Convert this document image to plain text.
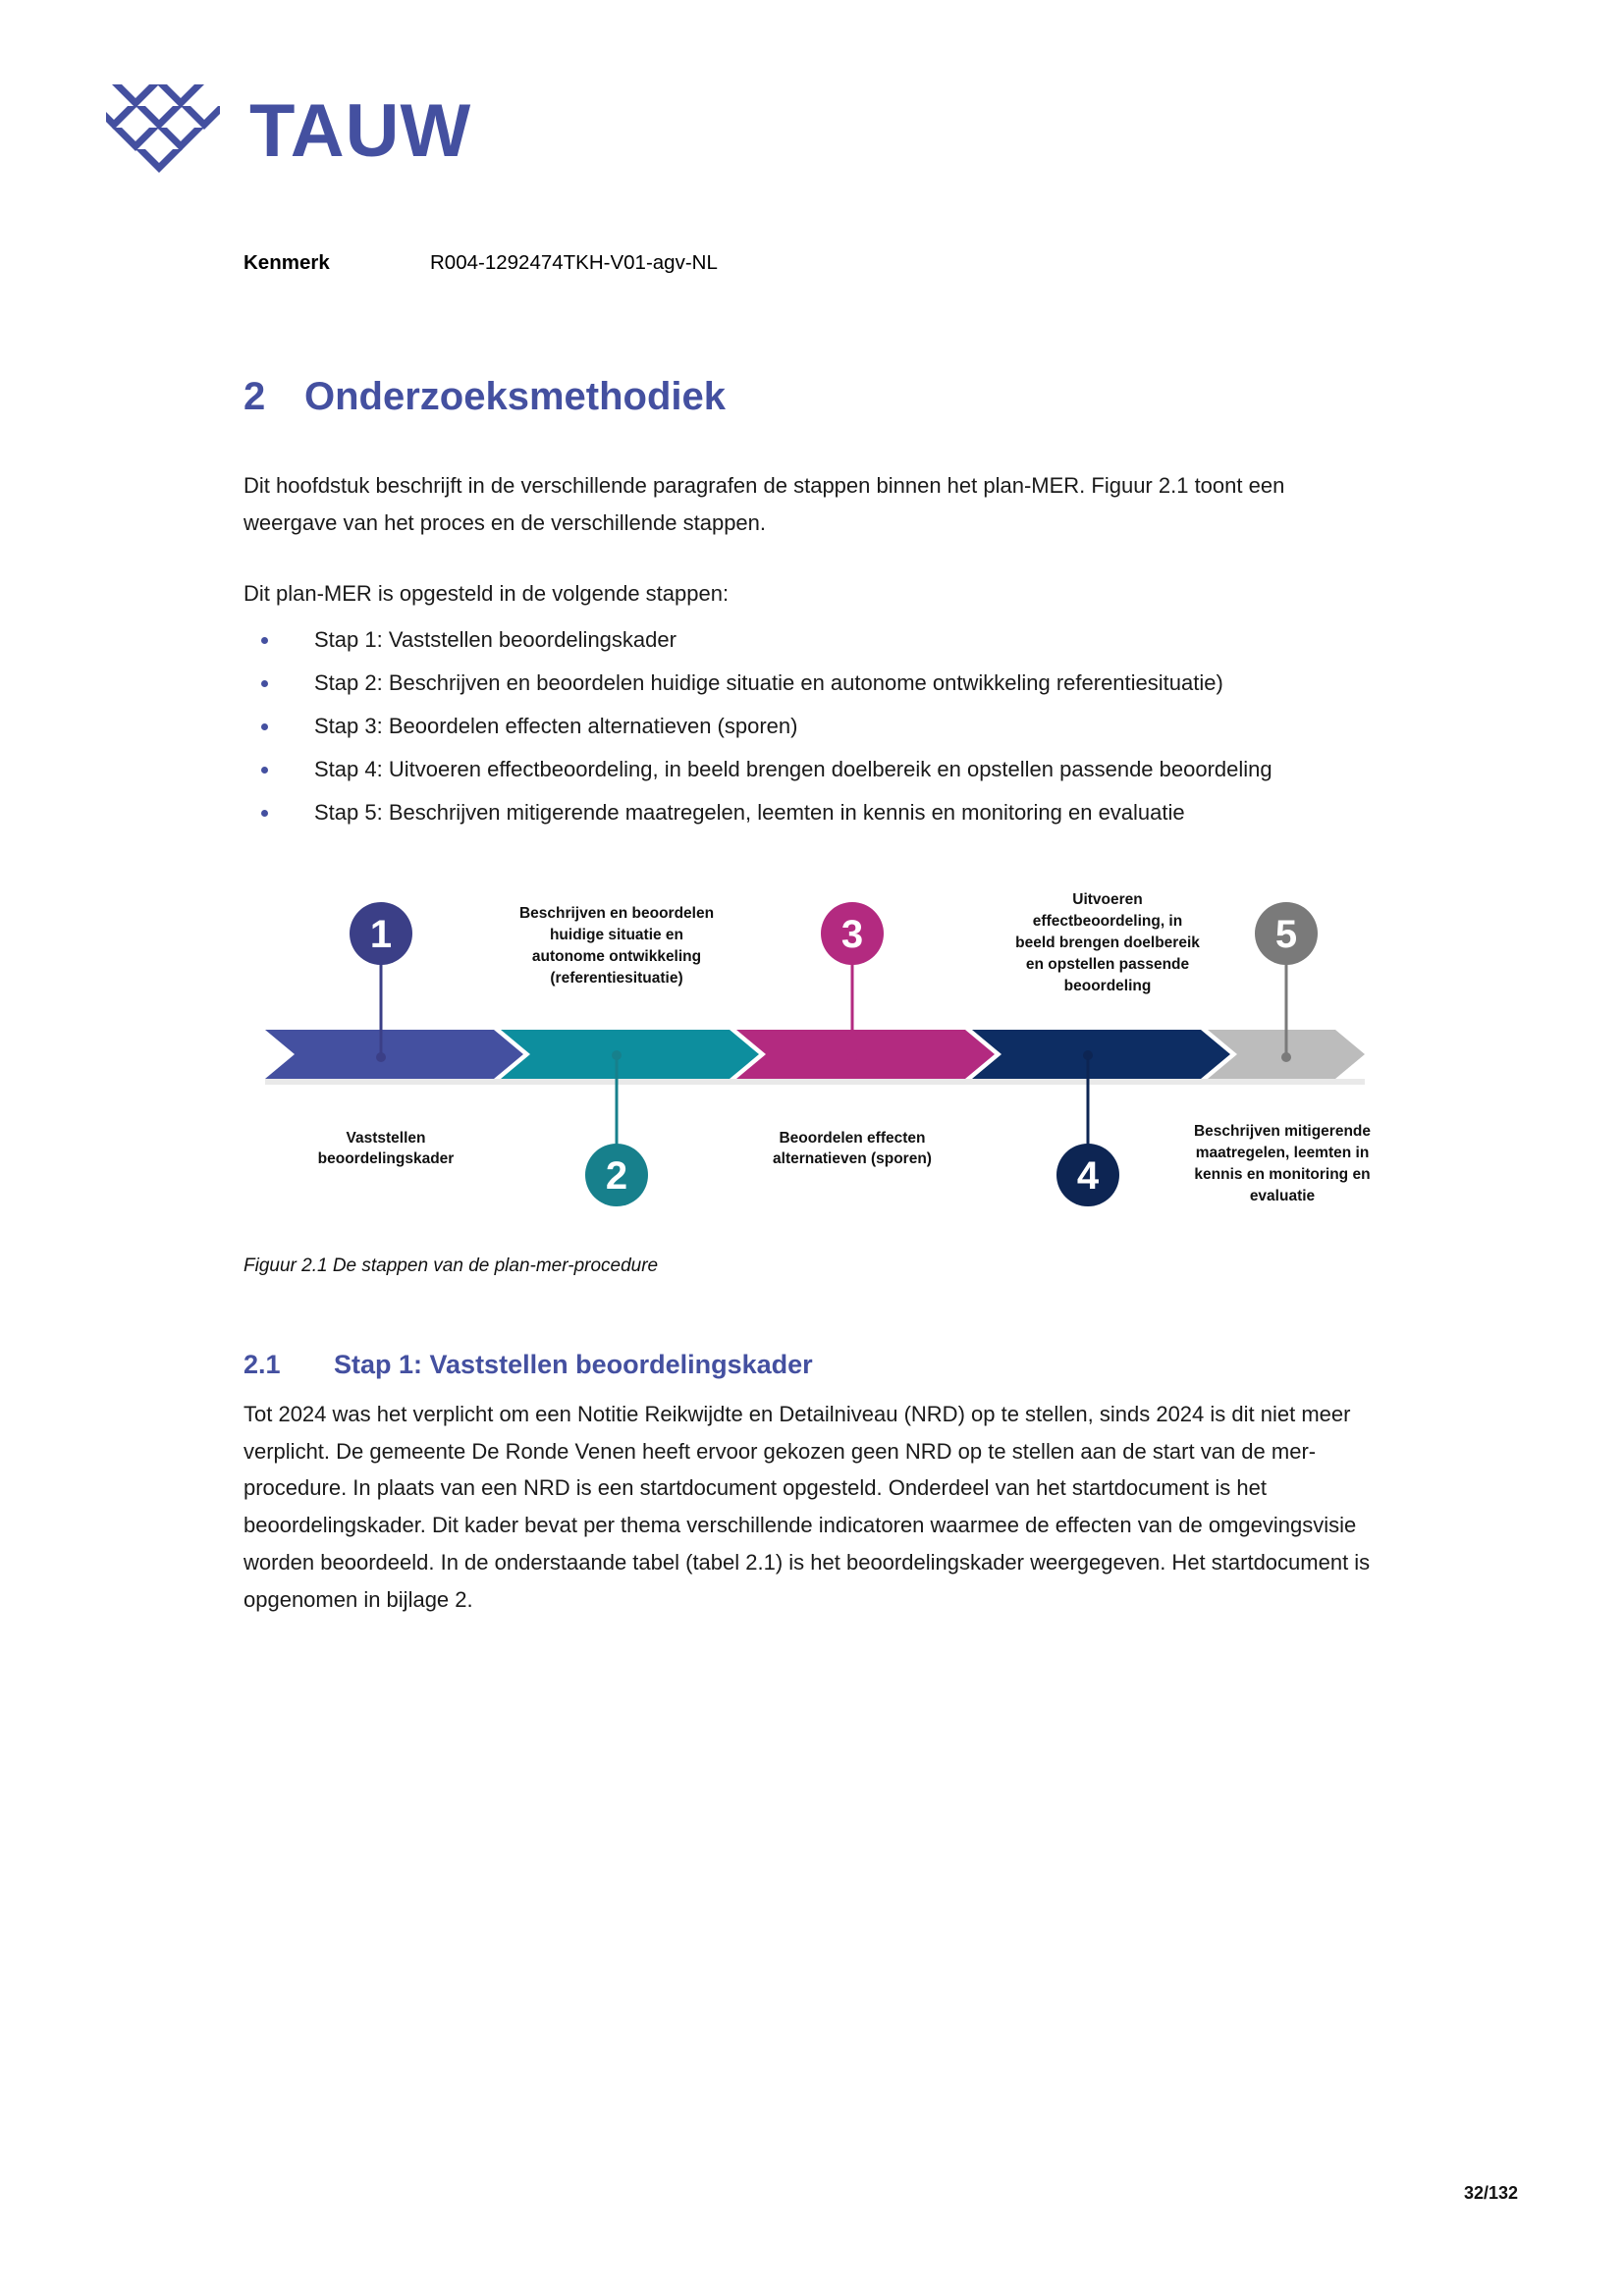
TAUW
Kenmerk	R004-1292474TKH-V01-agv-NL
2 Onderzoeksmethodiek

Dit hoofdstuk beschrijft in de verschillende paragrafen de stappen binnen het plan-MER. Figuur 2.1 toont een weergave van het proces en de verschillende stappen.

Dit plan-MER is opgesteld in de volgende stappen:

Stap 1: Vaststellen beoordelingskader
Stap 2: Beschrijven en beoordelen huidige situatie en autonome ontwikkeling referentiesituatie)
Stap 3: Beoordelen effecten alternatieven (sporen)
Stap 4: Uitvoeren effectbeoordeling, in beeld brengen doelbereik en opstellen passende beoordeling
Stap 5: Beschrijven mitigerende maatregelen, leemten in kennis en monitoring en evaluatie
1
2
3
4
5
Vaststellen
beoordelingskader
Beschrijven en beoordelen
huidige situatie en
autonome ontwikkeling
(referentiesituatie)
Beoordelen effecten
alternatieven (sporen)
Uitvoeren
effectbeoordeling, in
beeld brengen doelbereik
en opstellen passende
beoordeling
Beschrijven mitigerende
maatregelen, leemten in
kennis en monitoring en
evaluatie
Figuur 2.1 De stappen van de plan-mer-procedure
2.1	Stap 1: Vaststellen beoordelingskader

Tot 2024 was het verplicht om een Notitie Reikwijdte en Detailniveau (NRD) op te stellen, sinds 2024 is dit niet meer verplicht. De gemeente De Ronde Venen heeft ervoor gekozen geen NRD op te stellen aan de start van de mer-procedure. In plaats van een NRD is een startdocument opgesteld. Onderdeel van het startdocument is het beoordelingskader. Dit kader bevat per thema verschillende indicatoren waarmee de effecten van de omgevingsvisie worden beoordeeld. In de onderstaande tabel (tabel 2.1) is het beoordelingskader weergegeven. Het startdocument is opgenomen in bijlage 2.

32/132
